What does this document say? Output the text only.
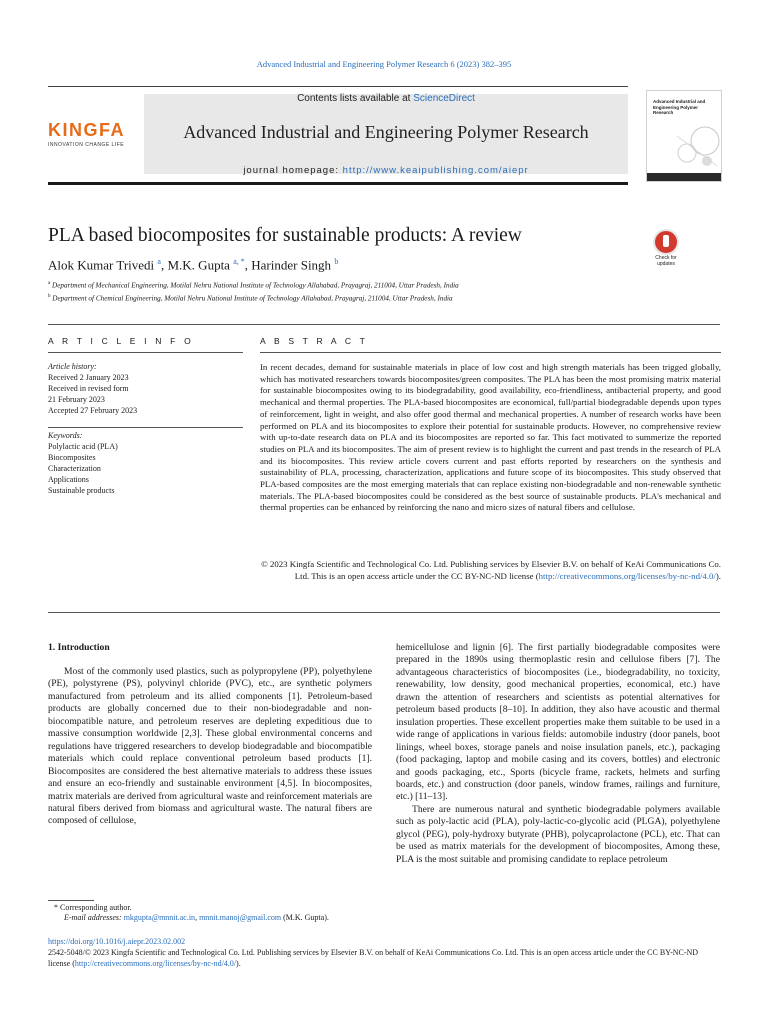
Advanced Industrial and Engineering Polymer Research 6 (2023) 382–395
KINGFA
INNOVATION CHANGE LIFE
Contents lists available at ScienceDirect
Advanced Industrial and Engineering Polymer Research
journal homepage: http://www.keaipublishing.com/aiepr
Advanced Industrial and Engineering Polymer Research
PLA based biocomposites for sustainable products: A review
Check for updates
Alok Kumar Trivedi $^a$, M.K. Gupta $^{a, *}$, Harinder Singh $^b$
$^a$ Department of Mechanical Engineering, Motilal Nehru National Institute of Technology Allahabad, Prayagraj, 211004, Uttar Pradesh, India
$^b$ Department of Chemical Engineering, Motilal Nehru National Institute of Technology Allahabad, Prayagraj, 211004, Uttar Pradesh, India
A R T I C L E I N F O	A B S T R A C T
Article history:
Received 2 January 2023
Received in revised form
21 February 2023
Accepted 27 February 2023
Keywords:
Polylactic acid (PLA)
Biocomposites
Characterization
Applications
Sustainable products
In recent decades, demand for sustainable materials in place of low cost and high strength materials has been trigged globally, which has motivated researchers towards biocomposites/green composites. The PLA has been the most promising matrix material for sustainable biocomposites owing to its biodegradability, good availability, eco-friendliness, antibacterial property, and good mechanical and thermal properties. The PLA-based biocomposites are economical, full/partial biodegradable depends upon types of reinforcement, light in weight, and also offer good thermal and mechanical properties. A number of research works have been performed on PLA and its biocomposites to explore their potential for sustainable products. However, no comprehensive review with up-to-date research data on PLA and its biocomposites are reported so far. This fact motivated to summerize the reported studies on PLA and its biocomposites. The aim of present review is to highlight the current and past trends in the research of PLA and its biocomposites. This review article covers current and past efforts reported by researchers on the synthesis and sustainability of PLA, processing, characterization, applications and future scope of its biocomposites. This study observed that PLA-based composites are the most emerging materials that can replace existing non-biodegradable and non-renewable synthetic materials. The PLA-based biocomposites could be considered as the best source of sustainable products. PLA's mechanical and thermal properties can be enhanced by reinforcing the nano and micro sizes of natural fibers and cellulose.
© 2023 Kingfa Scientific and Technological Co. Ltd. Publishing services by Elsevier B.V. on behalf of KeAi Communications Co. Ltd. This is an open access article under the CC BY-NC-ND license (http://creativecommons.org/licenses/by-nc-nd/4.0/).
1. Introduction

Most of the commonly used plastics, such as polypropylene (PP), polyethylene (PE), polystyrene (PS), polyvinyl chloride (PVC), etc., are synthetic polymers manufactured from petroleum and its allied components [1]. Petroleum-based products are globally concerned due to their non-biodegradable and non-biocompatible nature, and petroleum reserves are depleting expeditious due to massive consumption worldwide [2,3]. These global environmental concerns and regulations have triggered researchers to develop biodegradable and biocompatible materials which could replace conventional petroleum based products [1]. Biocomposites are considered the best alternative materials to address these issues and ensure an eco-friendly and sustainable environment [4,5]. In biocomposites, matrix materials are derived from agricultural waste and reinforcement materials are natural fibers derived from biomass and agricultural waste. The natural fibers are composed of cellulose,

hemicellulose and lignin [6]. The first partially biodegradable composites were prepared in the 1890s using thermoplastic resin and cellulose fibers [7]. The advantageous characteristics of biocomposites (i.e., biodegradability, no toxicity, renewability, low density, good mechanical properties, economical, etc.) have drawn the attention of researchers and scientists as potential alternatives for petroleum based products [8–10]. In addition, they also have acoustic and thermal insulation properties. These excellent properties make them suitable to be used in a wide range of applications in various fields: automobile industry (door panels, boot linings, wheel boxes, storage panels and noise insulation panels, etc.), packaging (food packaging, laptop and mobile casing and its covers, bottles) and electronic and goods packaging, etc., Sports (bicycle frame, rackets, helmets and surfing boards, etc.) and construction (door panels, window frames, railings and furniture, etc.) [11–13].

There are numerous natural and synthetic biodegradable polymers available such as poly-lactic acid (PLA), poly-lactic-co-glycolic acid (PLGA), polyethylene glycol (PEG), poly-hydroxy butyrate (PHB), polycaprolactone (PCL), etc. That can be used as matrix materials for the development of biocomposites, Among these, PLA is the most suitable and promising candidate to replace petroleum

* Corresponding author.
E-mail addresses: mkgupta@mnnit.ac.in, mnnit.manoj@gmail.com (M.K. Gupta).
https://doi.org/10.1016/j.aiepr.2023.02.002
2542-5048/© 2023 Kingfa Scientific and Technological Co. Ltd. Publishing services by Elsevier B.V. on behalf of KeAi Communications Co. Ltd. This is an open access article under the CC BY-NC-ND license (http://creativecommons.org/licenses/by-nc-nd/4.0/).
